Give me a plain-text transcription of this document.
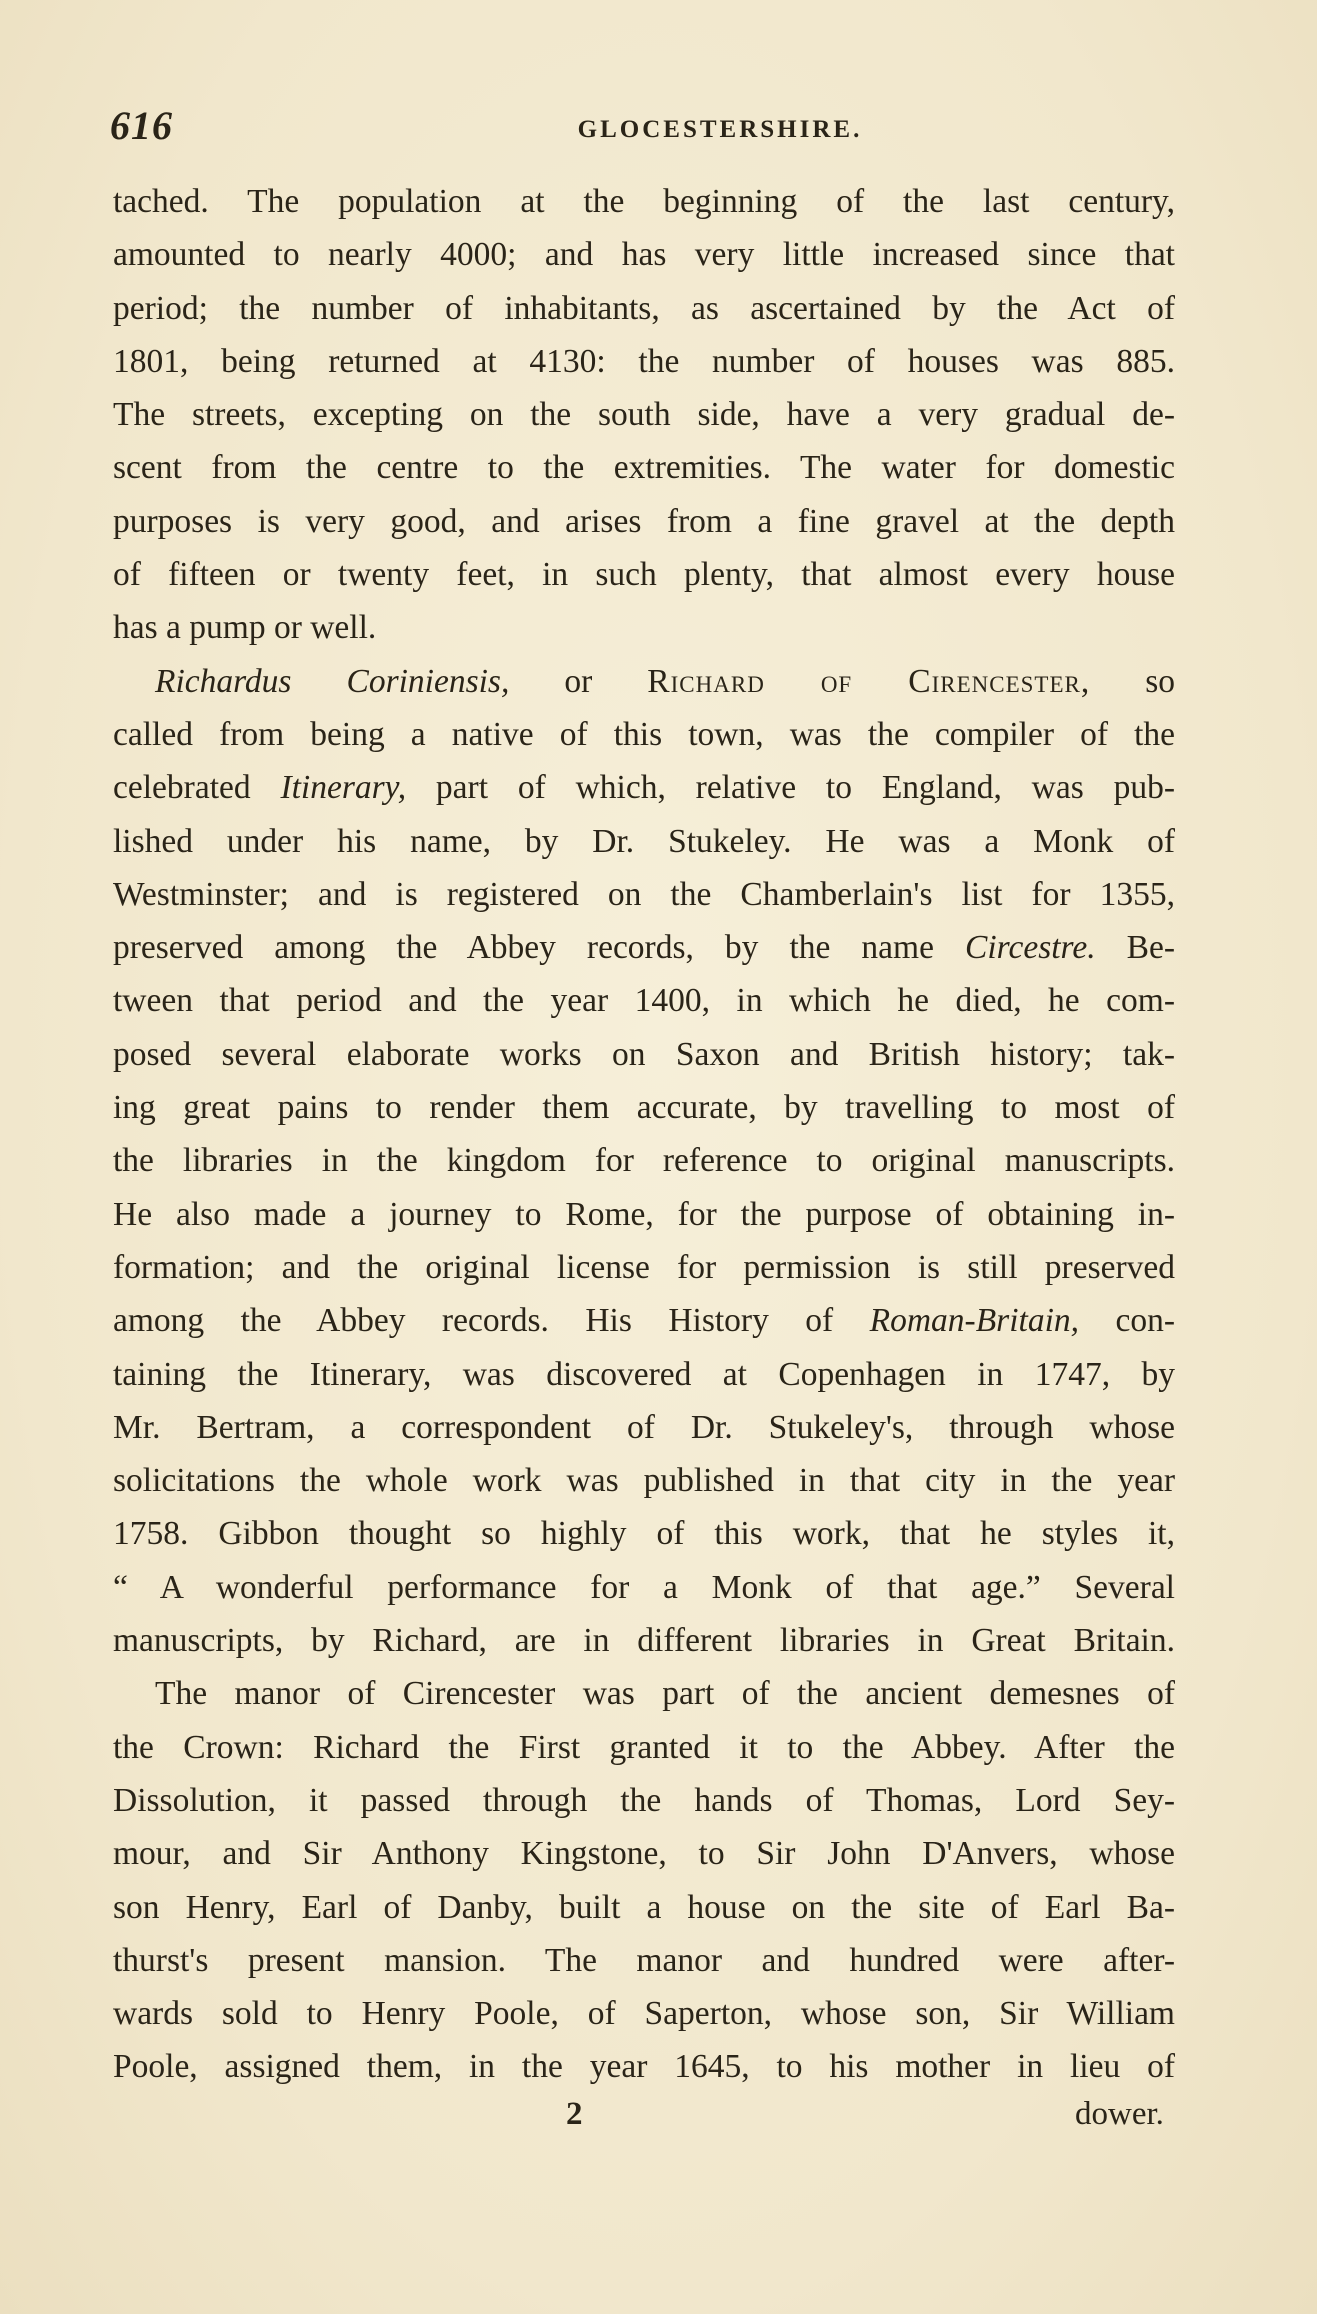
616	GLOCESTERSHIRE.
tached. The population at the beginning of the last century,
amounted to nearly 4000; and has very little increased since that
period; the number of inhabitants, as ascertained by the Act of
1801, being returned at 4130: the number of houses was 885.
The streets, excepting on the south side, have a very gradual de-
scent from the centre to the extremities. The water for domestic
purposes is very good, and arises from a fine gravel at the depth
of fifteen or twenty feet, in such plenty, that almost every house
has a pump or well.
Richardus Coriniensis, or Richard of Cirencester, so
called from being a native of this town, was the compiler of the
celebrated Itinerary, part of which, relative to England, was pub-
lished under his name, by Dr. Stukeley. He was a Monk of
Westminster; and is registered on the Chamberlain's list for 1355,
preserved among the Abbey records, by the name Circestre. Be-
tween that period and the year 1400, in which he died, he com-
posed several elaborate works on Saxon and British history; tak-
ing great pains to render them accurate, by travelling to most of
the libraries in the kingdom for reference to original manuscripts.
He also made a journey to Rome, for the purpose of obtaining in-
formation; and the original license for permission is still preserved
among the Abbey records. His History of Roman-Britain, con-
taining the Itinerary, was discovered at Copenhagen in 1747, by
Mr. Bertram, a correspondent of Dr. Stukeley's, through whose
solicitations the whole work was published in that city in the year
1758. Gibbon thought so highly of this work, that he styles it,
“ A wonderful performance for a Monk of that age.” Several
manuscripts, by Richard, are in different libraries in Great Britain.
The manor of Cirencester was part of the ancient demesnes of
the Crown: Richard the First granted it to the Abbey. After the
Dissolution, it passed through the hands of Thomas, Lord Sey-
mour, and Sir Anthony Kingstone, to Sir John D'Anvers, whose
son Henry, Earl of Danby, built a house on the site of Earl Ba-
thurst's present mansion. The manor and hundred were after-
wards sold to Henry Poole, of Saperton, whose son, Sir William
Poole, assigned them, in the year 1645, to his mother in lieu of
2	dower.
